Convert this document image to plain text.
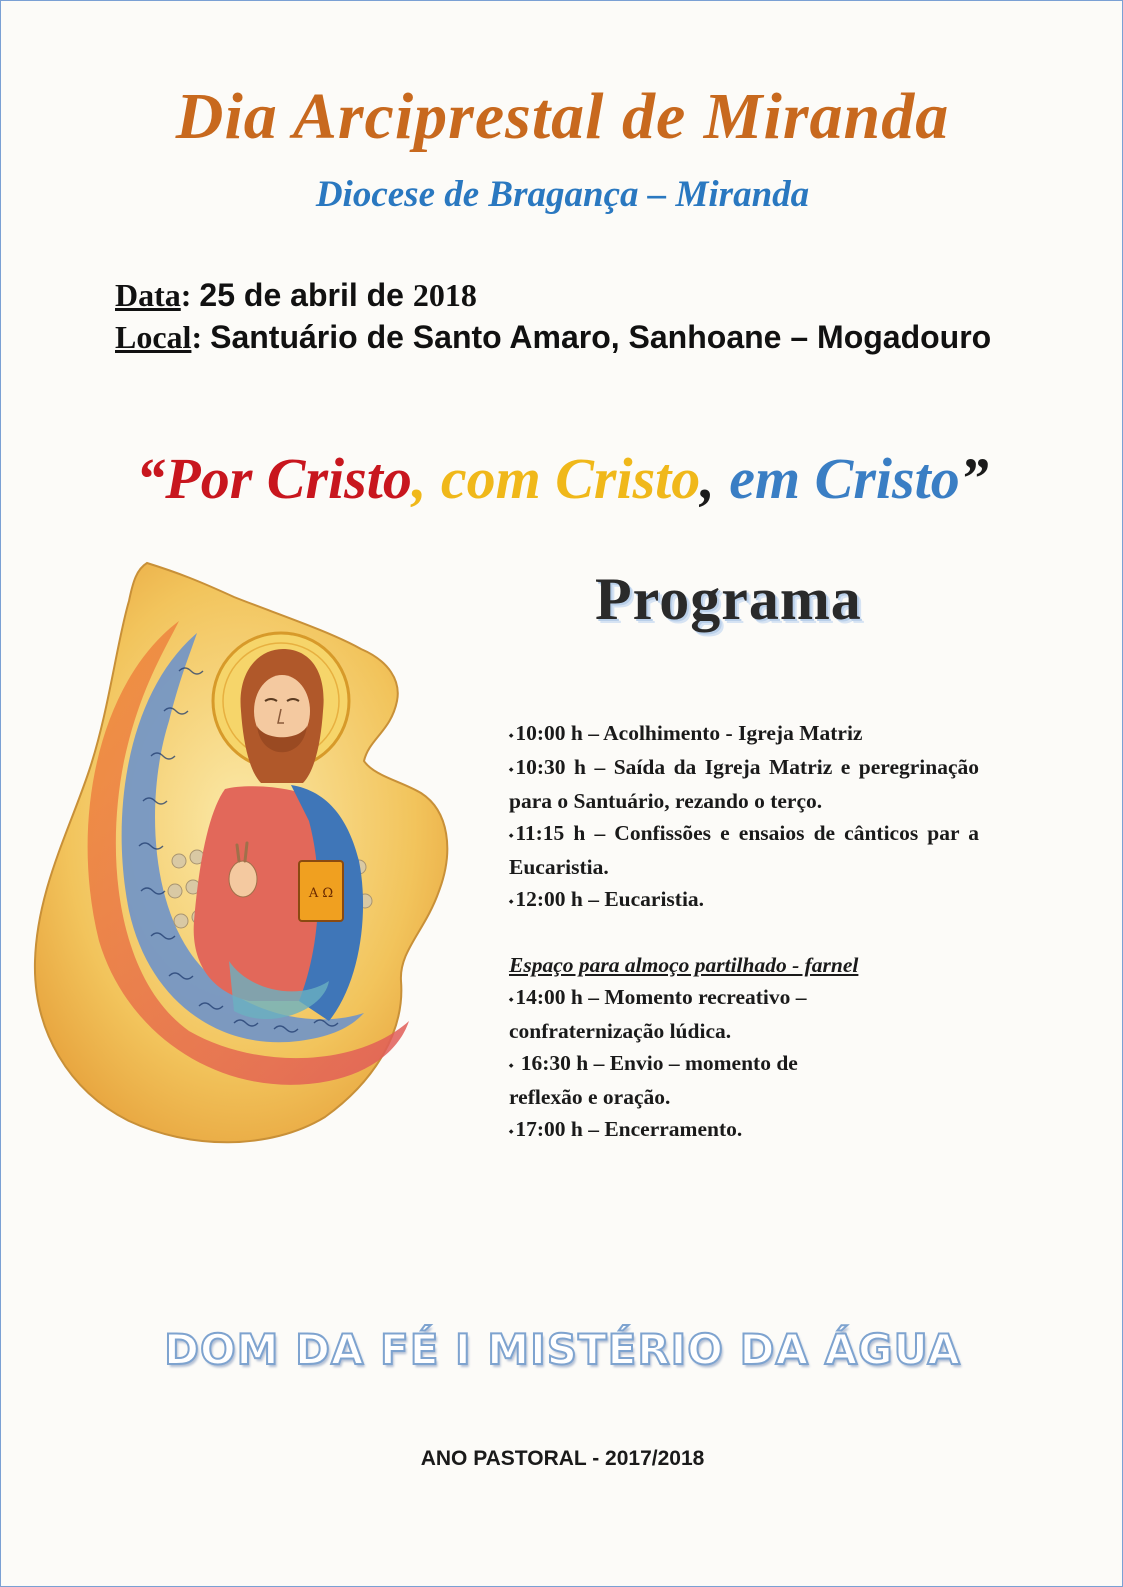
Dia Arciprestal de Miranda
Diocese de Bragança – Miranda
Data: 25 de abril de 2018
Local: Santuário de Santo Amaro, Sanhoane – Mogadouro
“Por Cristo, com Cristo, em Cristo”
Α Ω
Programa

⬩10:00 h – Acolhimento - Igreja Matriz

⬩10:30 h – Saída da Igreja Matriz e peregrinação para o Santuário, rezando o terço.

⬩11:15 h – Confissões e ensaios de cânticos par a Eucaristia.

⬩12:00 h – Eucaristia.

Espaço para almoço partilhado - farnel

⬩14:00 h – Momento recreativo – confraternização lúdica.

⬩ 16:30 h – Envio – momento de reflexão e oração.

⬩17:00 h – Encerramento.

DOM DA FÉ I MISTÉRIO DA ÁGUA
ANO PASTORAL - 2017/2018
